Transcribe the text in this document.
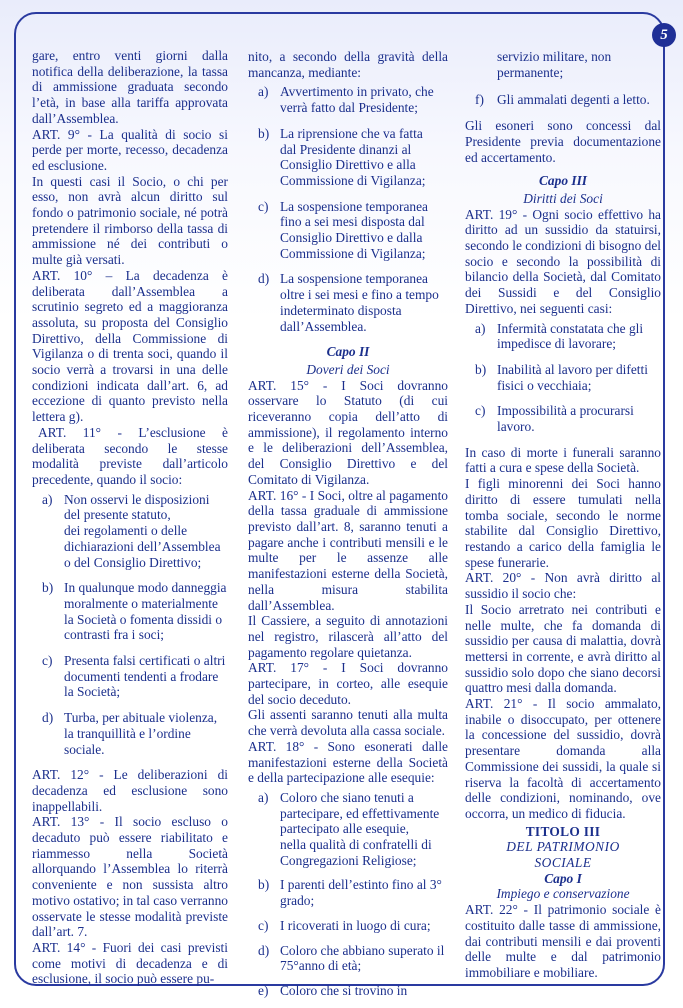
5

gare, entro venti giorni dalla notifica della deliberazione, la tassa di ammissione graduata secondo l’età, in base alla tariffa approvata dall’Assemblea.

ART. 9° - La qualità di socio si perde per morte, recesso, decadenza ed esclusione.

In questi casi il Socio, o chi per esso, non avrà alcun diritto sul fondo o patrimonio sociale, né potrà pretendere il rimborso della tassa di ammissione né dei contributi o multe già versati.

ART. 10° – La decadenza è deliberata dall’Assemblea a scrutinio segreto ed a maggioranza assoluta, su proposta del Consiglio Direttivo, della Commissione di Vigilanza o di trenta soci, quando il socio verrà a trovarsi in una delle condizioni indicata dall’art. 6, ad eccezione di quanto previsto nella lettera g).

ART. 11° - L’esclusione è deliberata secondo le stesse modalità previste dall’articolo precedente, quando il socio:

a) Non osservi le disposizioni
del presente statuto,
dei regolamenti o delle
dichiarazioni dell’Assemblea
o del Consiglio Direttivo;
b) In qualunque modo danneggia
moralmente o materialmente
la Società o fomenta dissidi o
contrasti fra i soci;
c) Presenta falsi certificati o altri
documenti tendenti a frodare
la Società;
d) Turba, per abituale violenza,
la tranquillità e l’ordine
sociale.

ART. 12° - Le deliberazioni di decadenza ed esclusione sono inappellabili.

ART. 13° - Il socio escluso o decaduto può essere riabilitato e riammesso nella Società allorquando l’Assemblea lo riterrà conveniente e non sussista altro motivo ostativo; in tal caso verranno osservate le stesse modalità previste dall’art. 7.

ART. 14° - Fuori dei casi previsti come motivi di decadenza e di esclusione, il socio può essere pu-

nito, a secondo della gravità della mancanza, mediante:

a) Avvertimento in privato, che
verrà fatto dal Presidente;
b) La riprensione che va fatta
dal Presidente dinanzi al
Consiglio Direttivo e alla
Commissione di Vigilanza;
c) La sospensione temporanea
fino a sei mesi disposta dal
Consiglio Direttivo e dalla
Commissione di Vigilanza;
d) La sospensione temporanea
oltre i sei mesi e fino a tempo
indeterminato disposta
dall’Assemblea.
Capo II
Doveri dei Soci

ART. 15° - I Soci dovranno osservare lo Statuto (di cui riceveranno copia dell’atto di ammissione), il regolamento interno e le deliberazioni dell’Assemblea, del Consiglio Direttivo e del Comitato di Vigilanza.

ART. 16° - I Soci, oltre al pagamento della tassa graduale di ammissione previsto dall’art. 8, saranno tenuti a pagare anche i contributi mensili e le multe per le assenze alle manifestazioni esterne della Società, nella misura stabilita dall’Assemblea.

Il Cassiere, a seguito di annotazioni nel registro, rilascerà all’atto del pagamento regolare quietanza.

ART. 17° - I Soci dovranno partecipare, in corteo, alle esequie del socio deceduto.

Gli assenti saranno tenuti alla multa che verrà devoluta alla cassa sociale.

ART. 18° - Sono esonerati dalle manifestazioni esterne della Società e della partecipazione alle esequie:

a) Coloro che siano tenuti a
partecipare, ed effettivamente
partecipato alle esequie,
nella qualità di confratelli di
Congregazioni Religiose;
b) I parenti dell’estinto fino al 3°
grado;
c) I ricoverati in luogo di cura;
d) Coloro che abbiano superato il
75°anno di età;
e) Coloro che si trovino in
servizio militare, non
permanente;
f) Gli ammalati degenti a letto.

Gli esoneri sono concessi dal Presidente previa documentazione ed accertamento.

Capo III
Diritti dei Soci

ART. 19° - Ogni socio effettivo ha diritto ad un sussidio da statuirsi, secondo le condizioni di bisogno del socio e secondo la possibilità di bilancio della Società, dal Comitato dei Sussidi e del Consiglio Direttivo, nei seguenti casi:

a) Infermità constatata che gli
impedisce di lavorare;
b) Inabilità al lavoro per difetti
fisici o vecchiaia;
c) Impossibilità a procurarsi
lavoro.

In caso di morte i funerali saranno fatti a cura e spese della Società.

I figli minorenni dei Soci hanno diritto di essere tumulati nella tomba sociale, secondo le norme stabilite dal Consiglio Direttivo, restando a carico della famiglia le spese funerarie.

ART. 20° - Non avrà diritto al sussidio il socio che:

Il Socio arretrato nei contributi e nelle multe, che fa domanda di sussidio per causa di malattia, dovrà mettersi in corrente, e avrà diritto al sussidio solo dopo che siano decorsi quattro mesi dalla domanda.

ART. 21° - Il socio ammalato, inabile o disoccupato, per ottenere la concessione del sussidio, dovrà presentare domanda alla Commissione dei sussidi, la quale si riserva la facoltà di accertamento delle condizioni, nominando, ove occorra, un medico di fiducia.

TITOLO III
DEL PATRIMONIO
SOCIALE
Capo I
Impiego e conservazione

ART. 22° - Il patrimonio sociale è costituito dalle tasse di ammissione, dai contributi mensili e dai proventi delle multe e dal patrimonio immobiliare e mobiliare.
